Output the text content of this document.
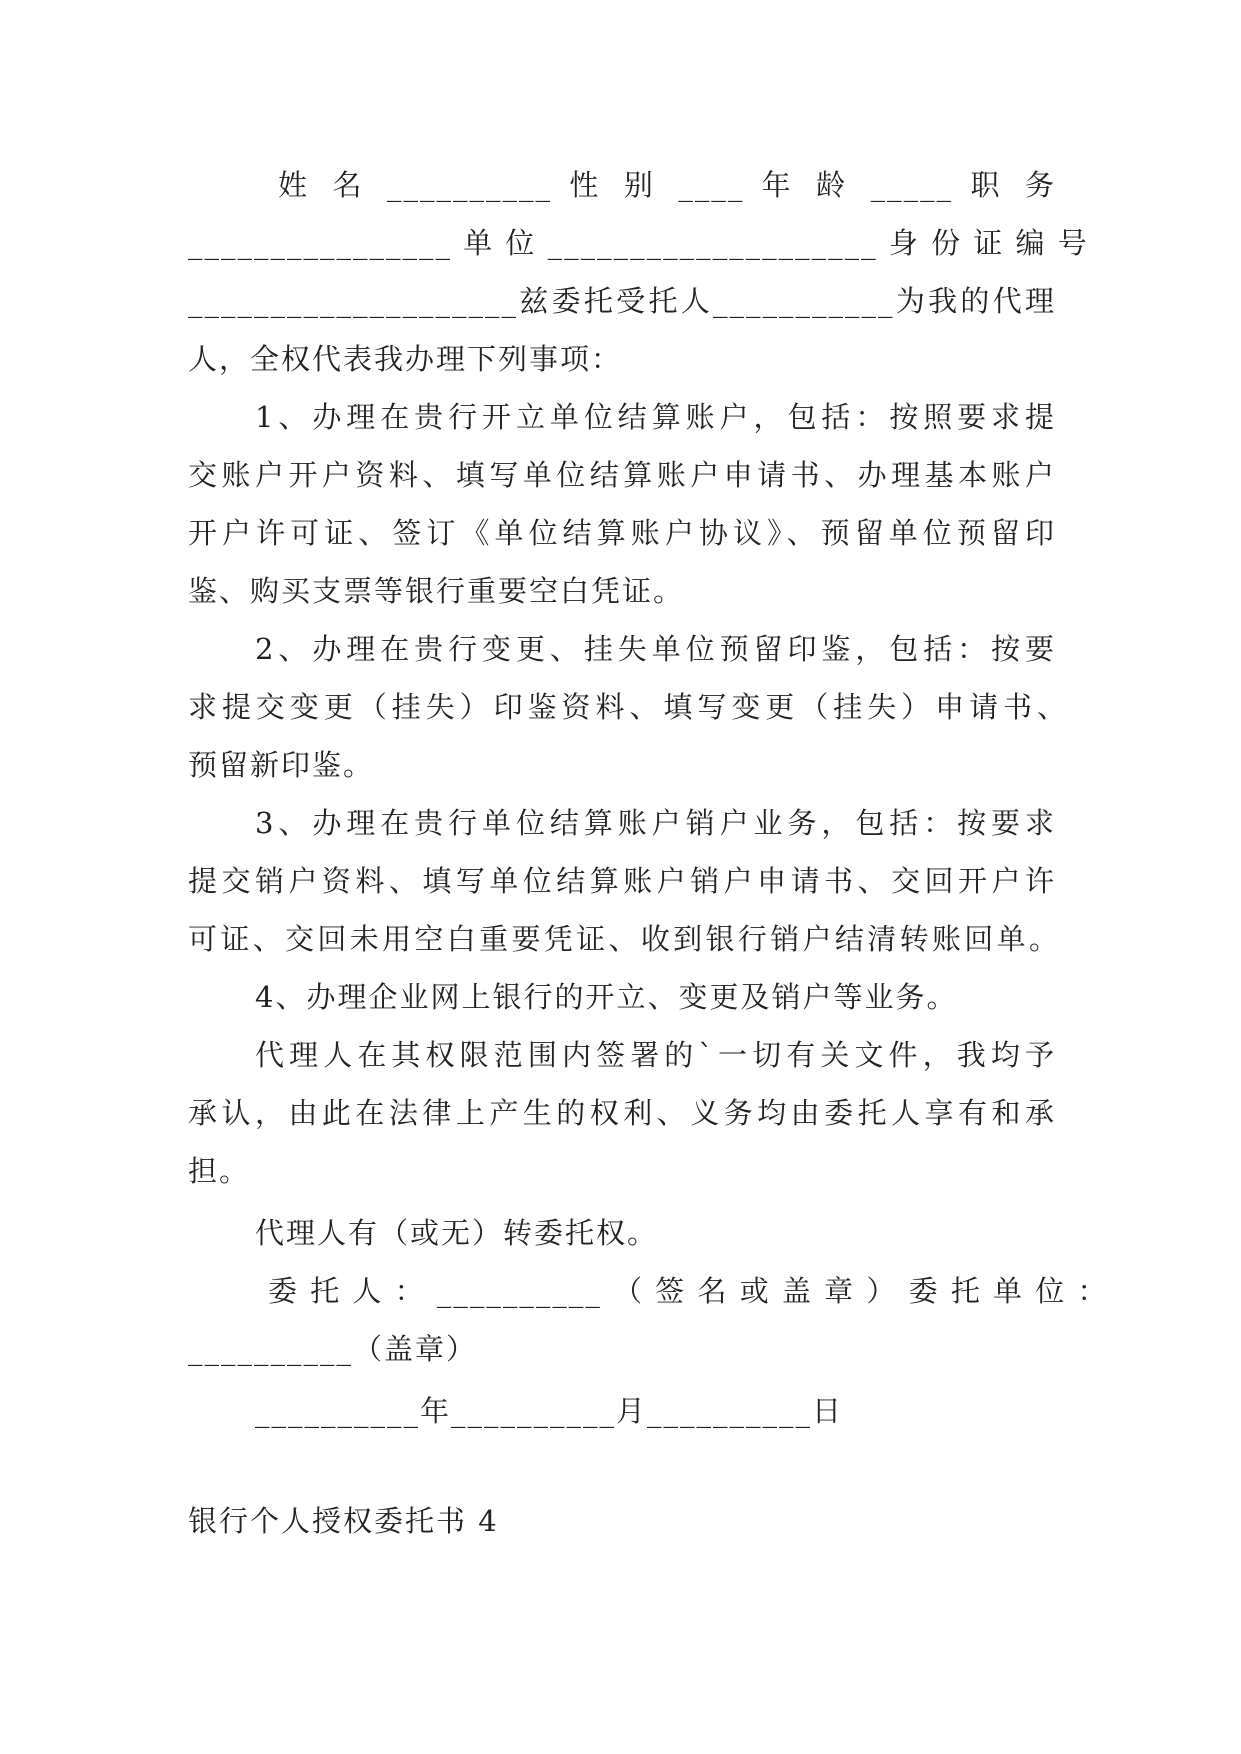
姓 名 __________ 性 别 ____ 年 龄 _____ 职 务
________________ 单 位 ____________________ 身 份 证 编 号
____________________兹委托受托人___________为我的代理
人，全权代表我办理下列事项：
1、办理在贵行开立单位结算账户，包括：按照要求提
交账户开户资料、填写单位结算账户申请书、办理基本账户
开户许可证、签订《单位结算账户协议》、预留单位预留印
鉴、购买支票等银行重要空白凭证。
2、办理在贵行变更、挂失单位预留印鉴，包括：按要
求提交变更（挂失）印鉴资料、填写变更（挂失）申请书、
预留新印鉴。
3、办理在贵行单位结算账户销户业务，包括：按要求
提交销户资料、填写单位结算账户销户申请书、交回开户许
可证、交回未用空白重要凭证、收到银行销户结清转账回单。
4、办理企业网上银行的开立、变更及销户等业务。
代理人在其权限范围内签署的`一切有关文件，我均予
承认，由此在法律上产生的权利、义务均由委托人享有和承
担。
代理人有（或无）转委托权。
委 托 人 ： __________ （ 签 名 或 盖 章 ） 委 托 单 位 ：
__________（盖章）
__________年__________月__________日
银行个人授权委托书 4
